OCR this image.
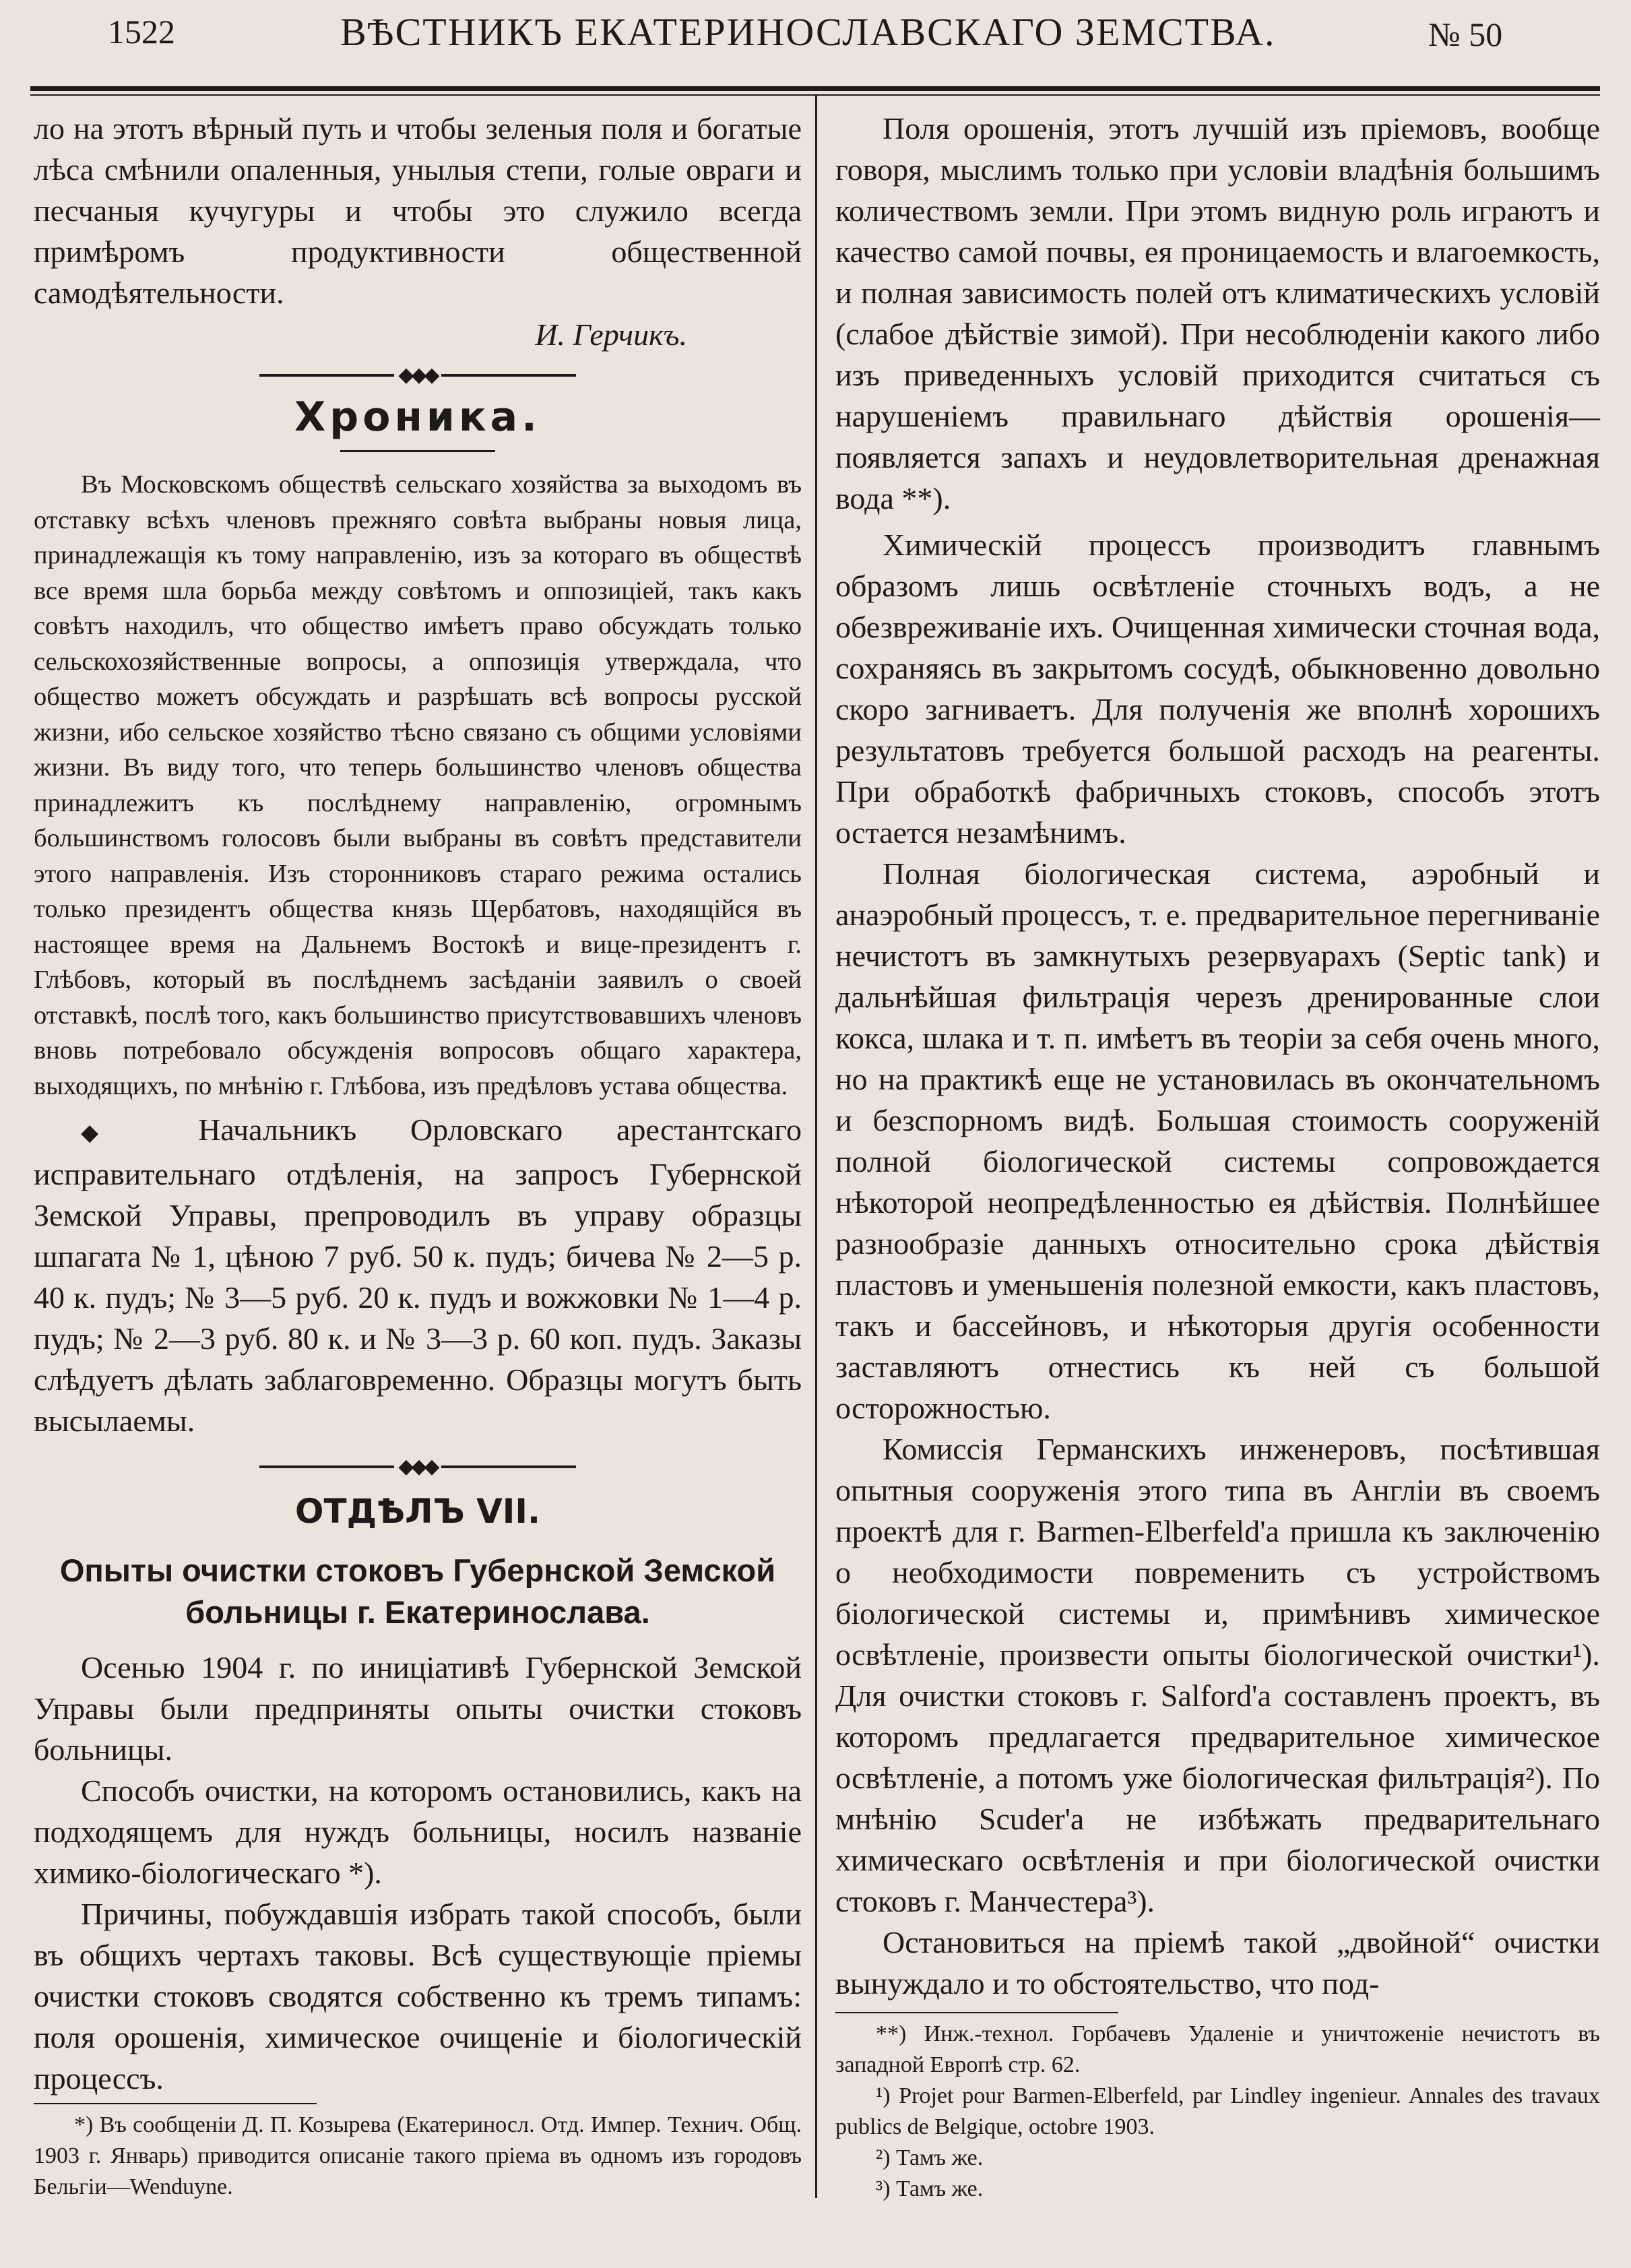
1522	ВѢСТНИКЪ ЕКАТЕРИНОСЛАВСКАГО ЗЕМСТВА.	№ 50

ло на этотъ вѣрный путь и чтобы зеленыя поля и богатые лѣса смѣнили опаленныя, унылыя степи, голые овраги и песчаныя кучугуры и чтобы это служило всегда примѣромъ продуктивности общественной самодѣятельности.

И. Герчикъ.

◆◆◆
Хроника.

Въ Московскомъ обществѣ сельскаго хозяйства за выходомъ въ отставку всѣхъ членовъ прежняго совѣта выбраны новыя лица, принадлежащія къ тому направленію, изъ за котораго въ обществѣ все время шла борьба между совѣтомъ и оппозиціей, такъ какъ совѣтъ находилъ, что общество имѣетъ право обсуждать только сельскохозяйственные вопросы, а оппозиція утверждала, что общество можетъ обсуждать и разрѣшать всѣ вопросы русской жизни, ибо сельское хозяйство тѣсно связано съ общими условіями жизни. Въ виду того, что теперь большинство членовъ общества принадлежитъ къ послѣднему направленію, огромнымъ большинствомъ голосовъ были выбраны въ совѣтъ представители этого направленія. Изъ сторонниковъ стараго режима остались только президентъ общества князь Щербатовъ, находящійся въ настоящее время на Дальнемъ Востокѣ и вице-президентъ г. Глѣбовъ, который въ послѣднемъ засѣданіи заявилъ о своей отставкѣ, послѣ того, какъ большинство присутствовавшихъ членовъ вновь потребовало обсужденія вопросовъ общаго характера, выходящихъ, по мнѣнію г. Глѣбова, изъ предѣловъ устава общества.

◆ Начальникъ Орловскаго арестантскаго исправительнаго отдѣленія, на запросъ Губернской Земской Управы, препроводилъ въ управу образцы шпагата № 1, цѣною 7 руб. 50 к. пудъ; бичева № 2—5 р. 40 к. пудъ; № 3—5 руб. 20 к. пудъ и вожжовки № 1—4 р. пудъ; № 2—3 руб. 80 к. и № 3—3 р. 60 коп. пудъ. Заказы слѣдуетъ дѣлать заблаговременно. Образцы могутъ быть высылаемы.

◆◆◆
ОТДѢЛЪ VII.
Опыты очистки стоковъ Губернской Земской больницы г. Екатеринослава.

Осенью 1904 г. по иниціативѣ Губернской Земской Управы были предприняты опыты очистки стоковъ больницы.

Способъ очистки, на которомъ остановились, какъ на подходящемъ для нуждъ больницы, носилъ названіе химико-біологическаго *).

Причины, побуждавшія избрать такой способъ, были въ общихъ чертахъ таковы. Всѣ существующіе пріемы очистки стоковъ сводятся собственно къ тремъ типамъ: поля орошенія, химическое очищеніе и біологическій процессъ.

*) Въ сообщеніи Д. П. Козырева (Екатериносл. Отд. Импер. Технич. Общ. 1903 г. Январь) приводится описаніе такого пріема въ одномъ изъ городовъ Бельгіи—Wenduyne.

Поля орошенія, этотъ лучшій изъ пріемовъ, вообще говоря, мыслимъ только при условіи владѣнія большимъ количествомъ земли. При этомъ видную роль играютъ и качество самой почвы, ея проницаемость и влагоемкость, и полная зависимость полей отъ климатическихъ условій (слабое дѣйствіе зимой). При несоблюденіи какого либо изъ приведенныхъ условій приходится считаться съ нарушеніемъ правильнаго дѣйствія орошенія—появляется запахъ и неудовлетворительная дренажная вода **).

Химическій процессъ производитъ главнымъ образомъ лишь освѣтленіе сточныхъ водъ, а не обезвреживаніе ихъ. Очищенная химически сточная вода, сохраняясь въ закрытомъ сосудѣ, обыкновенно довольно скоро загниваетъ. Для полученія же вполнѣ хорошихъ результатовъ требуется большой расходъ на реагенты. При обработкѣ фабричныхъ стоковъ, способъ этотъ остается незамѣнимъ.

Полная біологическая система, аэробный и анаэробный процессъ, т. е. предварительное перегниваніе нечистотъ въ замкнутыхъ резервуарахъ (Septic tank) и дальнѣйшая фильтрація черезъ дренированные слои кокса, шлака и т. п. имѣетъ въ теоріи за себя очень много, но на практикѣ еще не установилась въ окончательномъ и безспорномъ видѣ. Большая стоимость сооруженій полной біологической системы сопровождается нѣкоторой неопредѣленностью ея дѣйствія. Полнѣйшее разнообразіе данныхъ относительно срока дѣйствія пластовъ и уменьшенія полезной емкости, какъ пластовъ, такъ и бассейновъ, и нѣкоторыя другія особенности заставляютъ отнестись къ ней съ большой осторожностью.

Комиссія Германскихъ инженеровъ, посѣтившая опытныя сооруженія этого типа въ Англіи въ своемъ проектѣ для г. Barmen-Elberfeld'а пришла къ заключенію о необходимости повременить съ устройствомъ біологической системы и, примѣнивъ химическое освѣтленіе, произвести опыты біологической очистки¹). Для очистки стоковъ г. Salford'а составленъ проектъ, въ которомъ предлагается предварительное химическое освѣтленіе, а потомъ уже біологическая фильтрація²). По мнѣнію Scuder'а не избѣжать предварительнаго химическаго освѣтленія и при біологической очистки стоковъ г. Манчестера³).

Остановиться на пріемѣ такой „двойной“ очистки вынуждало и то обстоятельство, что под-

**) Инж.-технол. Горбачевъ Удаленіе и уничтоженіе нечистотъ въ западной Европѣ стр. 62.

¹) Projet pour Barmen-Elberfeld, par Lindley ingenieur. Annales des travaux publics de Belgique, octobre 1903.

²) Тамъ же.

³) Тамъ же.
